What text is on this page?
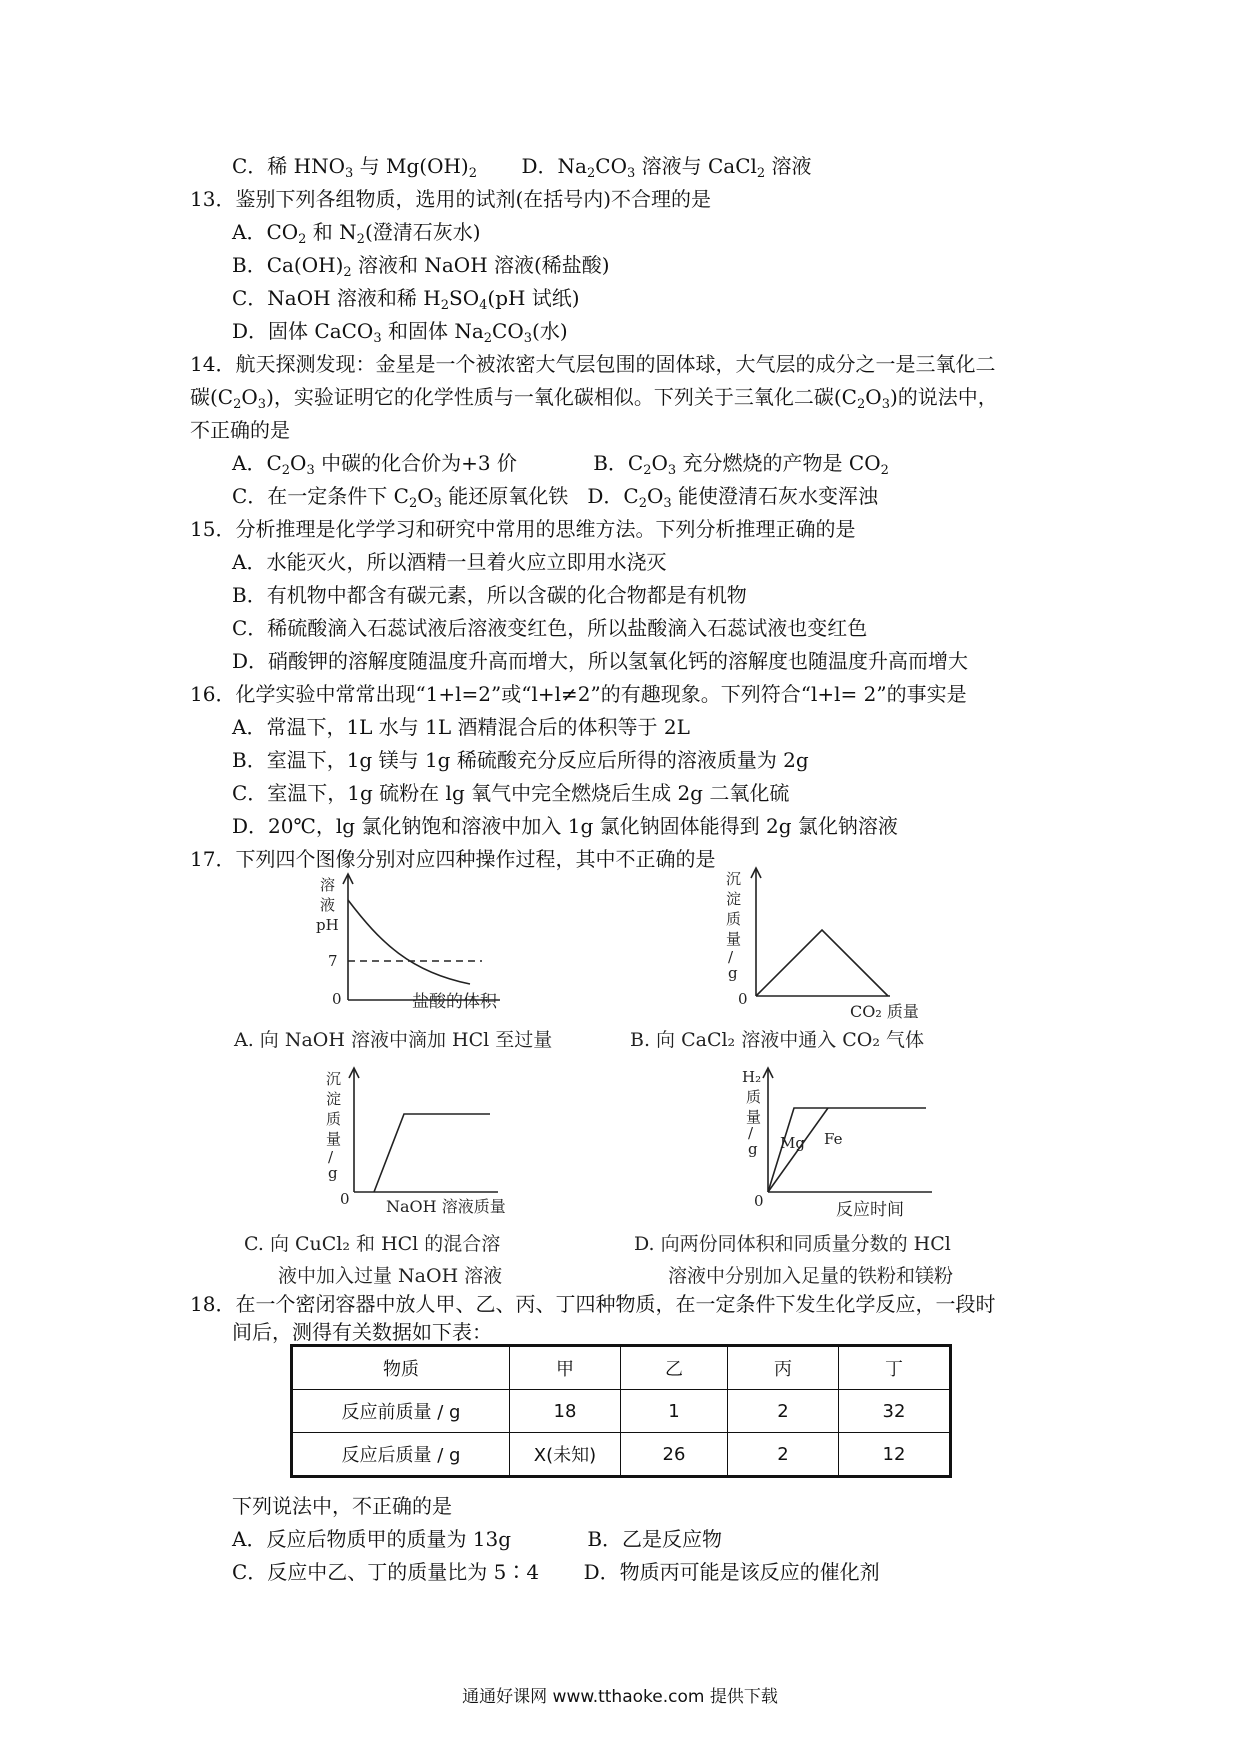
C．稀 $HNO_3$ 与 $Mg(OH)_2$       D．$Na_2CO_3$ 溶液与 CaCl$_2$ 溶液
13．鉴别下列各组物质，选用的试剂(在括号内)不合理的是
A．$CO_2$ 和 $N_2$(澄清石灰水)
B．$Ca(OH)_2$ 溶液和 NaOH 溶液(稀盐酸)
C．NaOH 溶液和稀 $H_2SO_4(pH$ 试纸)
D．固体 CaCO$_3$ 和固体 $Na_2CO_3$(水)
14．航天探测发现：金星是一个被浓密大气层包围的固体球，大气层的成分之一是三氧化二
碳$(C_2O_3)$，实验证明它的化学性质与一氧化碳相似。下列关于三氧化二碳$(C_2O_3)$的说法中，
不正确的是
A．$C_2O_3$ 中碳的化合价为+3 价            B．$C_2O_3$ 充分燃烧的产物是 $CO_2$
C．在一定条件下 $C_2O_3$ 能还原氧化铁   D．$C_2O_3$ 能使澄清石灰水变浑浊
15．分析推理是化学学习和研究中常用的思维方法。下列分析推理正确的是
A．水能灭火，所以酒精一旦着火应立即用水浇灭
B．有机物中都含有碳元素，所以含碳的化合物都是有机物
C．稀硫酸滴入石蕊试液后溶液变红色，所以盐酸滴入石蕊试液也变红色
D．硝酸钾的溶解度随温度升高而增大，所以氢氧化钙的溶解度也随温度升高而增大
16．化学实验中常常出现“1+l=2”或“l+l≠2”的有趣现象。下列符合“l+l= 2”的事实是
A．常温下，1L 水与 1L 酒精混合后的体积等于 2L
B．室温下，1g 镁与 1g 稀硫酸充分反应后所得的溶液质量为 2g
C．室温下，1g 硫粉在 lg 氧气中完全燃烧后生成 2g 二氧化硫
D．20℃，lg 氯化钠饱和溶液中加入 1g 氯化钠固体能得到 2g 氯化钠溶液
17．下列四个图像分别对应四种操作过程，其中不正确的是
溶
液
pH
7
0	盐酸的体积
A. 向 NaOH 溶液中滴加 HCl 至过量
沉
淀
质
量
/
g
0
CO₂ 质量
B. 向 CaCl₂ 溶液中通入 CO₂ 气体
沉
淀
质
量
/
g
0 NaOH 溶液质量
C. 向 CuCl₂ 和 HCl 的混合溶
液中加入过量 NaOH 溶液
H₂
质
量
/
g
0
Mg Fe
反应时间
D. 向两份同体积和同质量分数的 HCl
溶液中分别加入足量的铁粉和镁粉
18．在一个密闭容器中放人甲、乙、丙、丁四种物质，在一定条件下发生化学反应，一段时
间后，测得有关数据如下表：
物质	甲	乙	丙	丁
反应前质量 / g	18	1	2	32
反应后质量 / g	X(未知)	26	2	12
下列说法中，不正确的是
A．反应后物质甲的质量为 13g            B．乙是反应物
C．反应中乙、丁的质量比为 5∶4       D．物质丙可能是该反应的催化剂
通通好课网 www.tthaoke.com 提供下载
